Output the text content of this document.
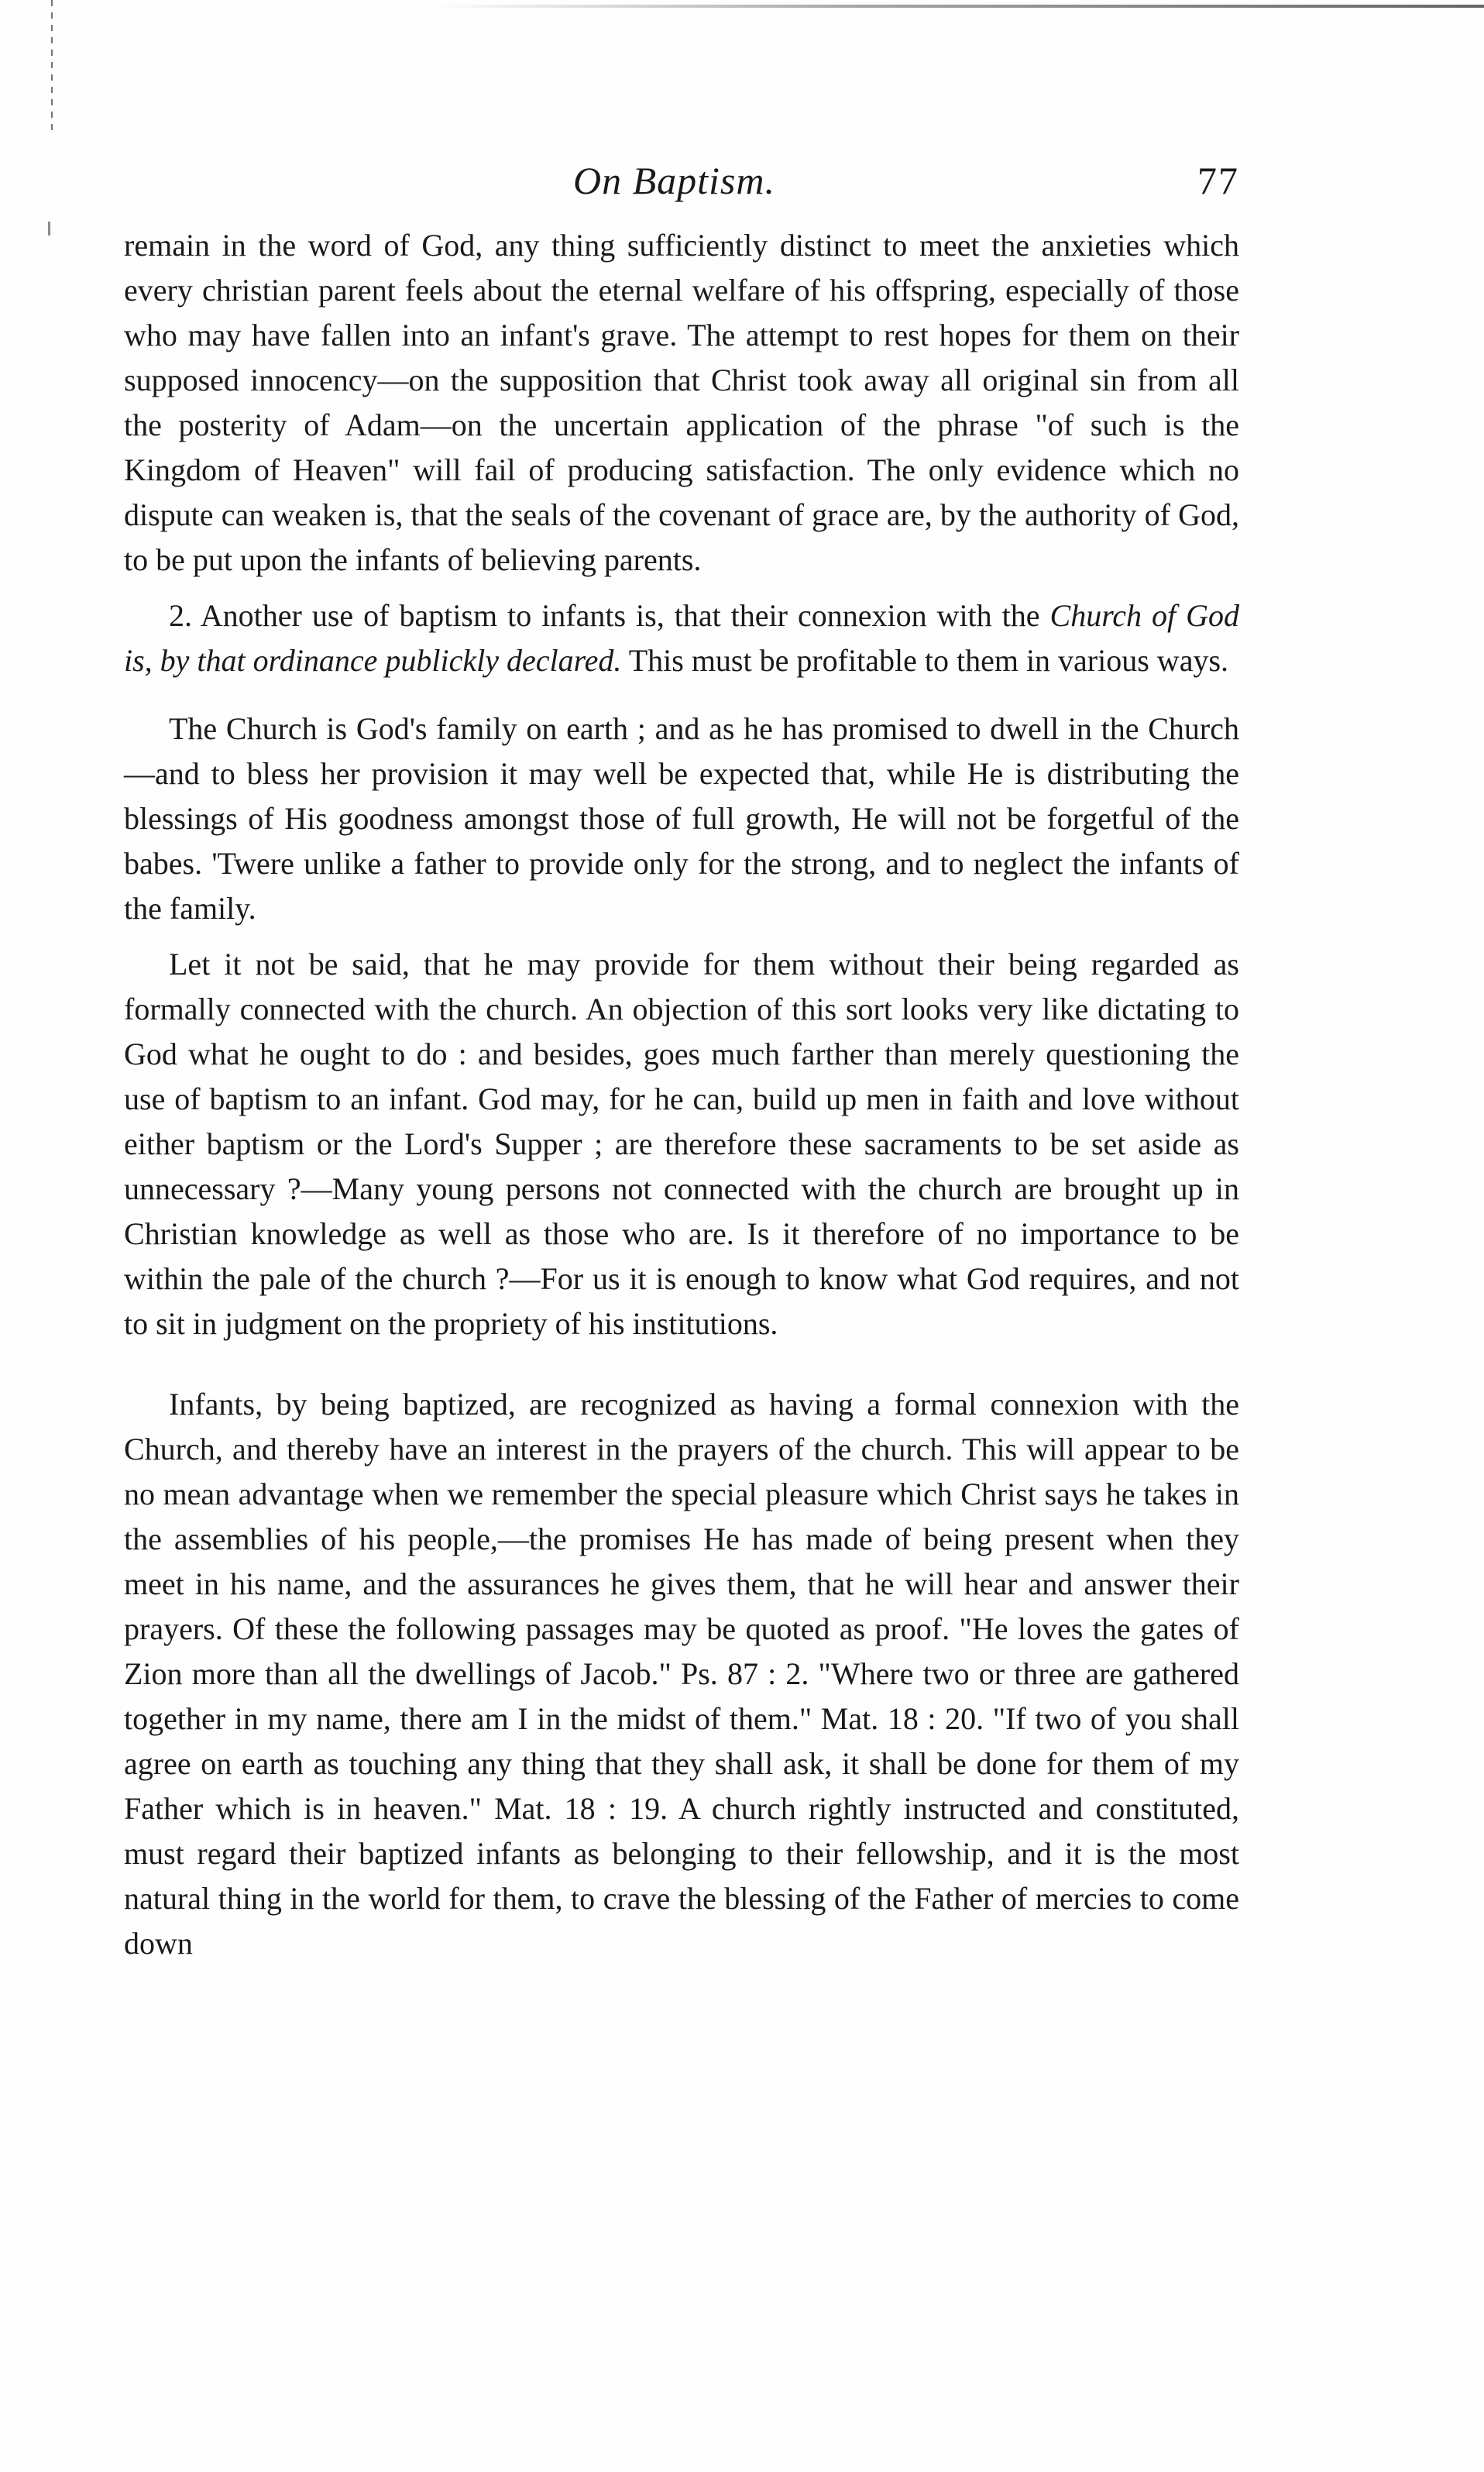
On Baptism.	77

remain in the word of God, any thing sufficiently distinct to meet the anxieties which every christian parent feels about the eternal welfare of his offspring, especially of those who may have fallen into an infant's grave. The attempt to rest hopes for them on their supposed innocency—on the supposition that Christ took away all original sin from all the posterity of Adam—on the uncertain application of the phrase "of such is the Kingdom of Heaven" will fail of producing satisfaction. The only evidence which no dispute can weaken is, that the seals of the covenant of grace are, by the authority of God, to be put upon the infants of believing parents.

2. Another use of baptism to infants is, that their connexion with the Church of God is, by that ordinance publickly declared. This must be profitable to them in various ways.

The Church is God's family on earth ; and as he has promised to dwell in the Church—and to bless her provision it may well be expected that, while He is distributing the blessings of His goodness amongst those of full growth, He will not be forgetful of the babes. 'Twere unlike a father to provide only for the strong, and to neglect the infants of the family.

Let it not be said, that he may provide for them without their being regarded as formally connected with the church. An objection of this sort looks very like dictating to God what he ought to do : and besides, goes much farther than merely questioning the use of baptism to an infant. God may, for he can, build up men in faith and love without either baptism or the Lord's Supper ; are therefore these sacraments to be set aside as unnecessary ?—Many young persons not connected with the church are brought up in Christian knowledge as well as those who are. Is it therefore of no importance to be within the pale of the church ?—For us it is enough to know what God requires, and not to sit in judgment on the propriety of his institutions.

Infants, by being baptized, are recognized as having a formal connexion with the Church, and thereby have an interest in the prayers of the church. This will appear to be no mean advantage when we remember the special pleasure which Christ says he takes in the assemblies of his people,—the promises He has made of being present when they meet in his name, and the assurances he gives them, that he will hear and answer their prayers. Of these the following passages may be quoted as proof. "He loves the gates of Zion more than all the dwellings of Jacob." Ps. 87 : 2. "Where two or three are gathered together in my name, there am I in the midst of them." Mat. 18 : 20. "If two of you shall agree on earth as touching any thing that they shall ask, it shall be done for them of my Father which is in heaven." Mat. 18 : 19. A church rightly instructed and constituted, must regard their baptized infants as belonging to their fellowship, and it is the most natural thing in the world for them, to crave the blessing of the Father of mercies to come down
